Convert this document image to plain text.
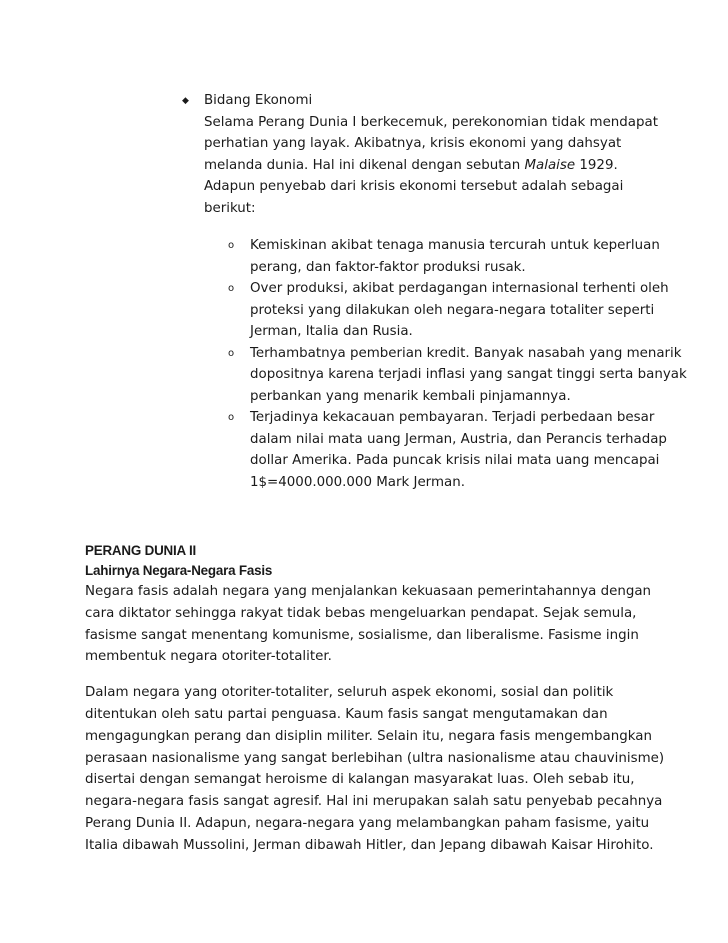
◆	Bidang Ekonomi
Selama Perang Dunia I berkecemuk, perekonomian tidak mendapat
perhatian yang layak. Akibatnya, krisis ekonomi yang dahsyat
melanda dunia. Hal ini dikenal dengan sebutan Malaise 1929.
Adapun penyebab dari krisis ekonomi tersebut adalah sebagai
berikut:
o	Kemiskinan akibat tenaga manusia tercurah untuk keperluan
perang, dan faktor-faktor produksi rusak.
o	Over produksi, akibat perdagangan internasional terhenti oleh
proteksi yang dilakukan oleh negara-negara totaliter seperti
Jerman, Italia dan Rusia.
o	Terhambatnya pemberian kredit. Banyak nasabah yang menarik
dopositnya karena terjadi inflasi yang sangat tinggi serta banyak
perbankan yang menarik kembali pinjamannya.
o	Terjadinya kekacauan pembayaran. Terjadi perbedaan besar
dalam nilai mata uang Jerman, Austria, dan Perancis terhadap
dollar Amerika. Pada puncak krisis nilai mata uang mencapai
1$=4000.000.000 Mark Jerman.
PERANG DUNIA II
Lahirnya Negara-Negara Fasis
Negara fasis adalah negara yang menjalankan kekuasaan pemerintahannya dengan
cara diktator sehingga rakyat tidak bebas mengeluarkan pendapat. Sejak semula,
fasisme sangat menentang komunisme, sosialisme, dan liberalisme. Fasisme ingin
membentuk negara otoriter-totaliter.
Dalam negara yang otoriter-totaliter, seluruh aspek ekonomi, sosial dan politik
ditentukan oleh satu partai penguasa. Kaum fasis sangat mengutamakan dan
mengagungkan perang dan disiplin militer. Selain itu, negara fasis mengembangkan
perasaan nasionalisme yang sangat berlebihan (ultra nasionalisme atau chauvinisme)
disertai dengan semangat heroisme di kalangan masyarakat luas. Oleh sebab itu,
negara-negara fasis sangat agresif. Hal ini merupakan salah satu penyebab pecahnya
Perang Dunia II. Adapun, negara-negara yang melambangkan paham fasisme, yaitu
Italia dibawah Mussolini, Jerman dibawah Hitler, dan Jepang dibawah Kaisar Hirohito.
